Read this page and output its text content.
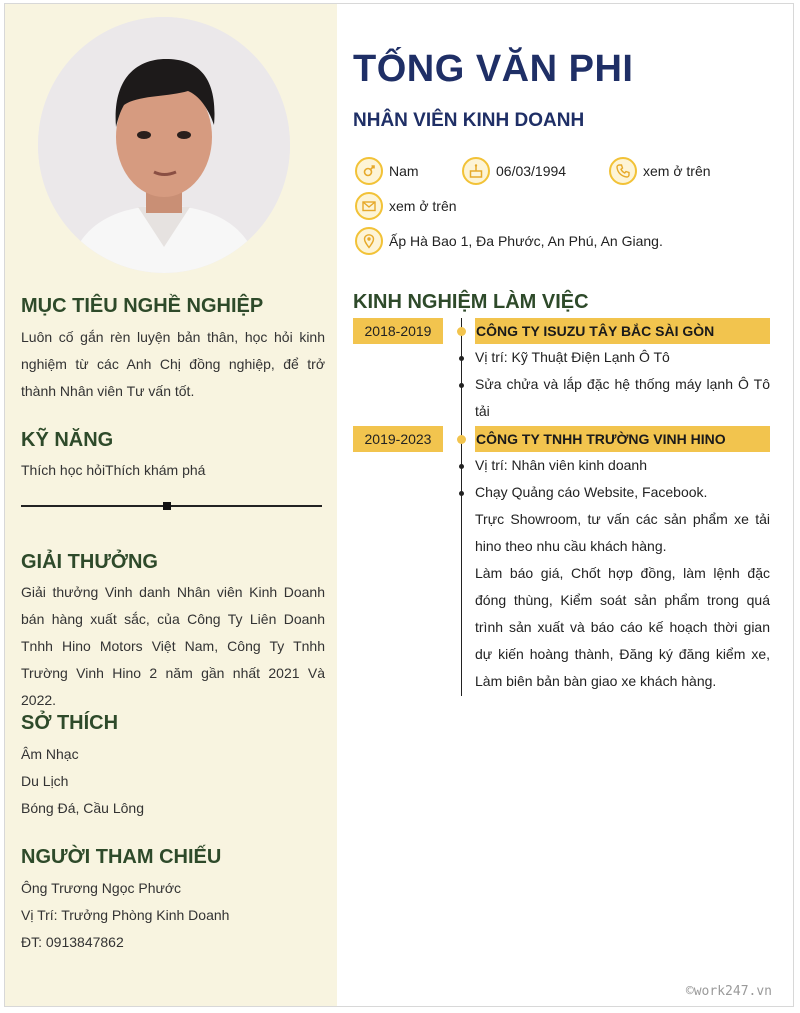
MỤC TIÊU NGHỀ NGHIỆP
Luôn cố gắn rèn luyện bản thân, học hỏi kinh nghiệm từ các Anh Chị đồng nghiệp, để trở thành Nhân viên Tư vấn tốt.
KỸ NĂNG
Thích học hỏiThích khám phá
GIẢI THƯỞNG
Giải thưởng Vinh danh Nhân viên Kinh Doanh bán hàng xuất sắc, của Công Ty Liên Doanh Tnhh Hino Motors Việt Nam, Công Ty Tnhh Trường Vinh Hino 2 năm gần nhất 2021 Và 2022.
SỞ THÍCH
Âm Nhạc
Du Lịch
Bóng Đá, Cầu Lông
NGƯỜI THAM CHIẾU
Ông Trương Ngọc Phước
Vị Trí: Trưởng Phòng Kinh Doanh
ĐT: 0913847862
TỐNG VĂN PHI
NHÂN VIÊN KINH DOANH
Nam	06/03/1994	xem ở trên
xem ở trên
Ấp Hà Bao 1, Đa Phước, An Phú, An Giang.
KINH NGHIỆM LÀM VIỆC
2018-2019	CÔNG TY ISUZU TÂY BẮC SÀI GÒN
Vị trí: Kỹ Thuật Điện Lạnh Ô Tô
Sửa chửa và lắp đặc hệ thống máy lạnh Ô Tô tải
2019-2023	CÔNG TY TNHH TRƯỜNG VINH HINO
Vị trí: Nhân viên kinh doanh
Chạy Quảng cáo Website, Facebook.
Trực Showroom, tư vấn các sản phẩm xe tải hino theo nhu cầu khách hàng.
Làm báo giá, Chốt hợp đồng, làm lệnh đặc đóng thùng, Kiểm soát sản phẩm trong quá trình sản xuất và báo cáo kế hoạch thời gian dự kiến hoàng thành, Đăng ký đăng kiểm xe, Làm biên bản bàn giao xe khách hàng.
©work247.vn
